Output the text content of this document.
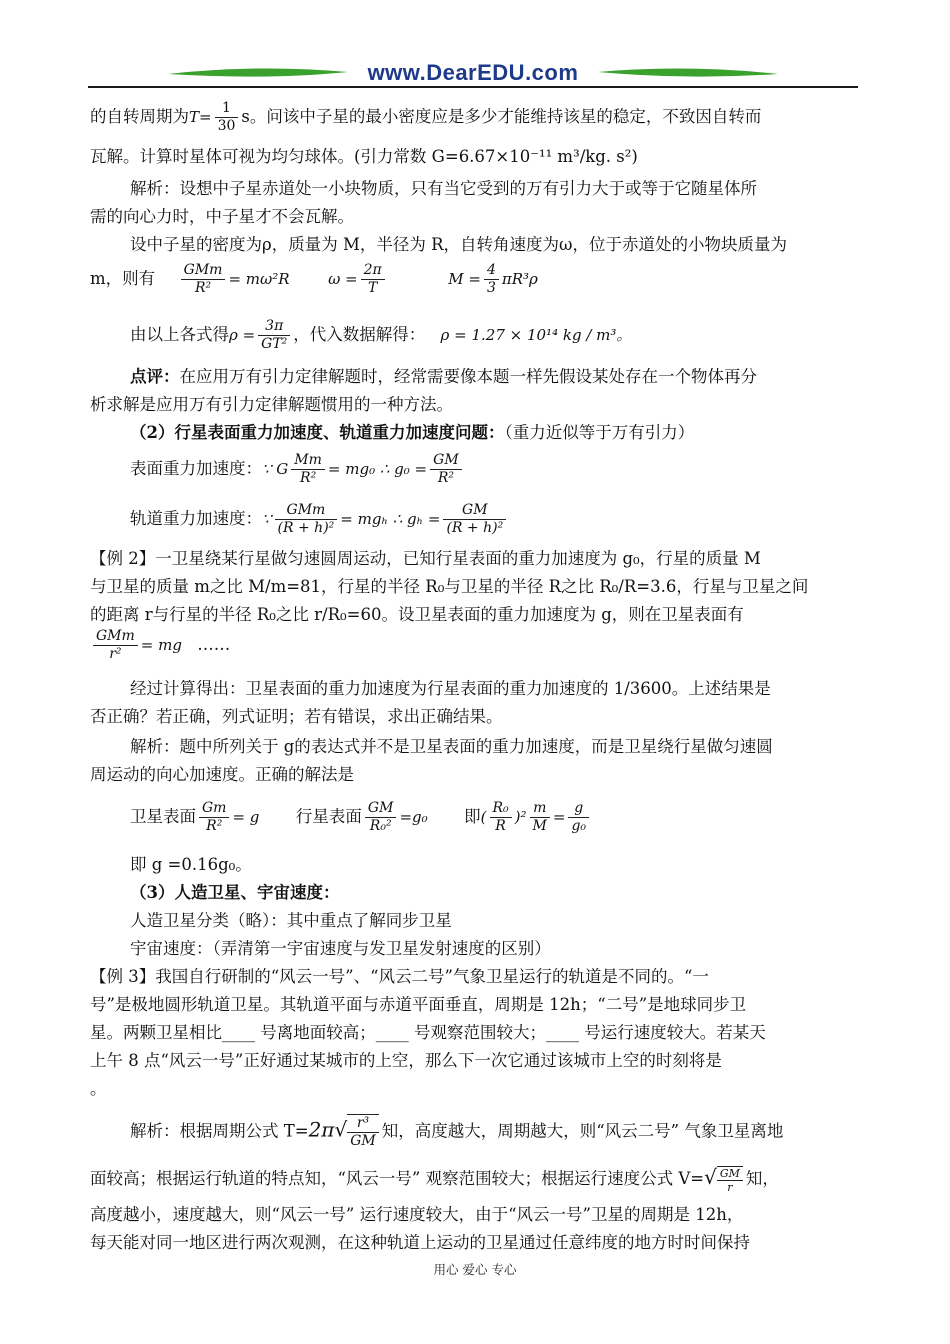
www.DearEDU.com
的自转周期为$T= \frac{1}{30}$ s。问该中子星的最小密度应是多少才能维持该星的稳定，不致因自转而
瓦解。计算时星体可视为均匀球体。(引力常数 G=6.67×10⁻¹¹ m³/kg. s²)
解析：设想中子星赤道处一小块物质，只有当它受到的万有引力大于或等于它随星体所
需的向心力时，中子星才不会瓦解。
设中子星的密度为ρ，质量为 M，半径为 R，自转角速度为ω，位于赤道处的小物块质量为
m，则有 $\frac{\text{GMm}}{\text{R²}} = m\omega^2R$	$\omega = \frac{2\pi}{T}$	$M = \frac{4}{3} \pi R^3\rho$
由以上各式得$\rho = \frac{3\pi}{\text{GT²}}$ ，代入数据解得： ρ = 1.27 × 10¹⁴ kg / m³。
点评：在应用万有引力定律解题时，经常需要像本题一样先假设某处存在一个物体再分
析求解是应用万有引力定律解题惯用的一种方法。
（2）行星表面重力加速度、轨道重力加速度问题：（重力近似等于万有引力）
表面重力加速度：∵ G $\frac{Mm}{\text{R²}} = mg_0$ ∴ $g_0 = \frac{GM}{\text{R²}}$
轨道重力加速度：∵ $\frac{\text{GMm}}{\text{(R + h)²}} = mg_h$ ∴ $g_h = \frac{GM}{\text{(R + h)²}}$
【例 2】一卫星绕某行星做匀速圆周运动，已知行星表面的重力加速度为 g₀，行星的质量 M
与卫星的质量 m之比 M/m=81，行星的半径 R₀与卫星的半径 R之比 R₀/R=3.6，行星与卫星之间
的距离 r与行星的半径 R₀之比 r/R₀=60。设卫星表面的重力加速度为 g，则在卫星表面有
$\frac{\text{GMm}}{\text{r²}}$ = mg ……
经过计算得出：卫星表面的重力加速度为行星表面的重力加速度的 1/3600。上述结果是
否正确？若正确，列式证明；若有错误，求出正确结果。
解析：题中所列关于 g的表达式并不是卫星表面的重力加速度，而是卫星绕行星做匀速圆
周运动的向心加速度。正确的解法是
卫星表面 $\frac{Gm}{\text{R²}} = g$ 行星表面 $\frac{GM}{\text{R₀²}} =g_0$ 即( $\frac{\text{R₀}}{R} )^2 \frac{m}{M} = \frac{g}{\text{g₀}}$
即 g =0.16g₀。
（3）人造卫星、宇宙速度：
人造卫星分类（略）：其中重点了解同步卫星
宇宙速度：（弄清第一宇宙速度与发卫星发射速度的区别）
【例 3】我国自行研制的“风云一号”、“风云二号”气象卫星运行的轨道是不同的。“一
号”是极地圆形轨道卫星。其轨道平面与赤道平面垂直，周期是 12h；“二号”是地球同步卫
星。两颗卫星相比____ 号离地面较高；____ 号观察范围较大；____ 号运行速度较大。若某天
上午 8 点“风云一号”正好通过某城市的上空，那么下一次它通过该城市上空的时刻将是
。
解析：根据周期公式 $T=2\pi√ \frac{\text{r³}}{GM}$ 知，高度越大，周期越大，则“风云二号” 气象卫星离地
面较高；根据运行轨道的特点知，“风云一号” 观察范围较大；根据运行速度公式 $V=√ \frac{GM}{r}$ 知，
高度越小，速度越大，则“风云一号” 运行速度较大，由于“风云一号”卫星的周期是 12h，
每天能对同一地区进行两次观测，在这种轨道上运动的卫星通过任意纬度的地方时时间保持
用心 爱心 专心
